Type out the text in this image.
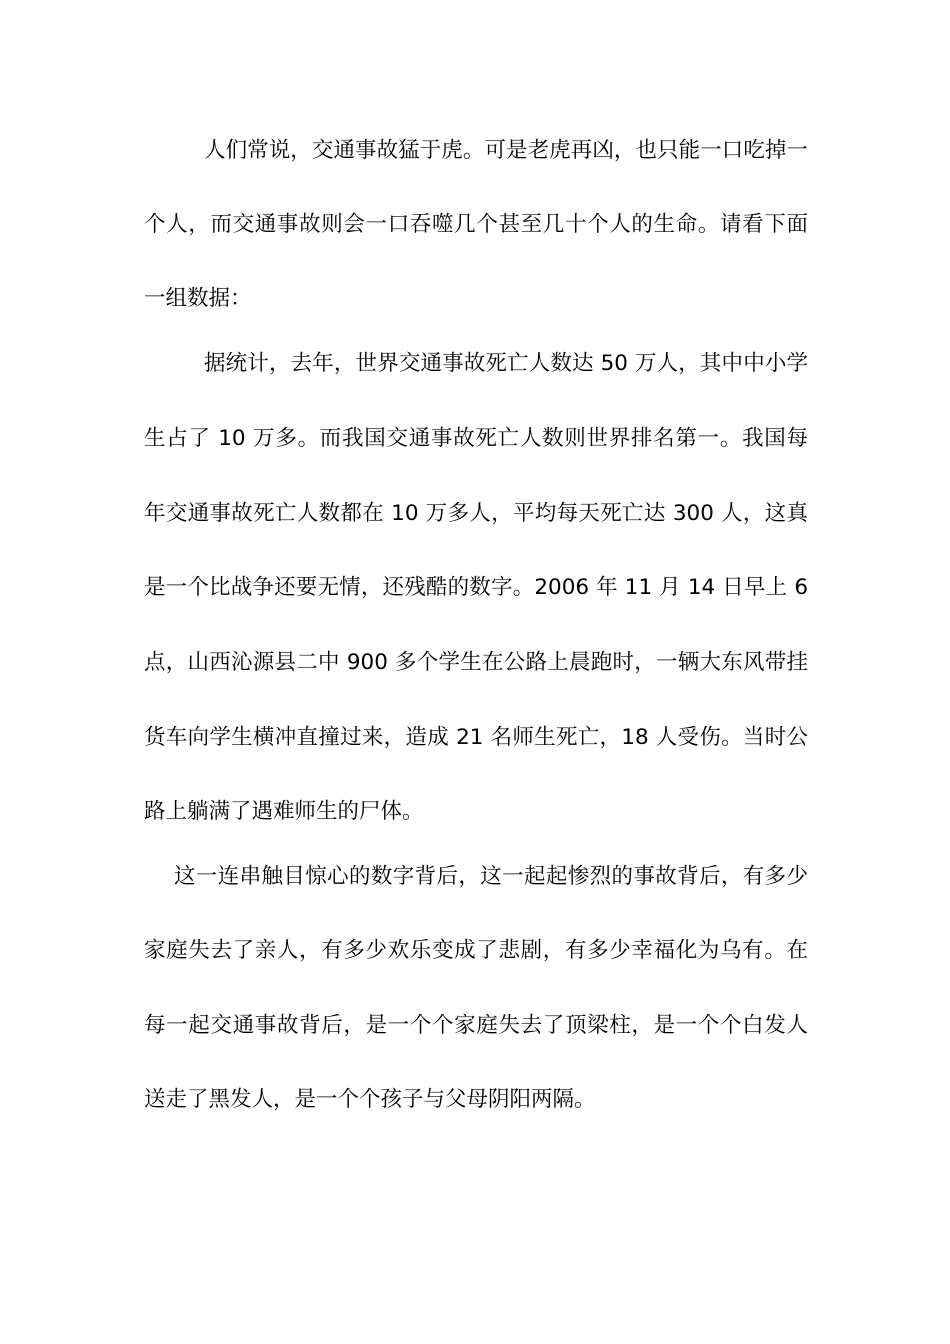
人们常说，交通事故猛于虎。可是老虎再凶，也只能一口吃掉一
个人，而交通事故则会一口吞噬几个甚至几十个人的生命。请看下面
一组数据：
据统计，去年，世界交通事故死亡人数达 50 万人，其中中小学
生占了 10 万多。而我国交通事故死亡人数则世界排名第一。我国每
年交通事故死亡人数都在 10 万多人，平均每天死亡达 300 人，这真
是一个比战争还要无情，还残酷的数字。2006 年 11 月 14 日早上 6
点，山西沁源县二中 900 多个学生在公路上晨跑时，一辆大东风带挂
货车向学生横冲直撞过来，造成 21 名师生死亡，18 人受伤。当时公
路上躺满了遇难师生的尸体。
这一连串触目惊心的数字背后，这一起起惨烈的事故背后，有多少
家庭失去了亲人，有多少欢乐变成了悲剧，有多少幸福化为乌有。在
每一起交通事故背后，是一个个家庭失去了顶梁柱，是一个个白发人
送走了黑发人，是一个个孩子与父母阴阳两隔。
